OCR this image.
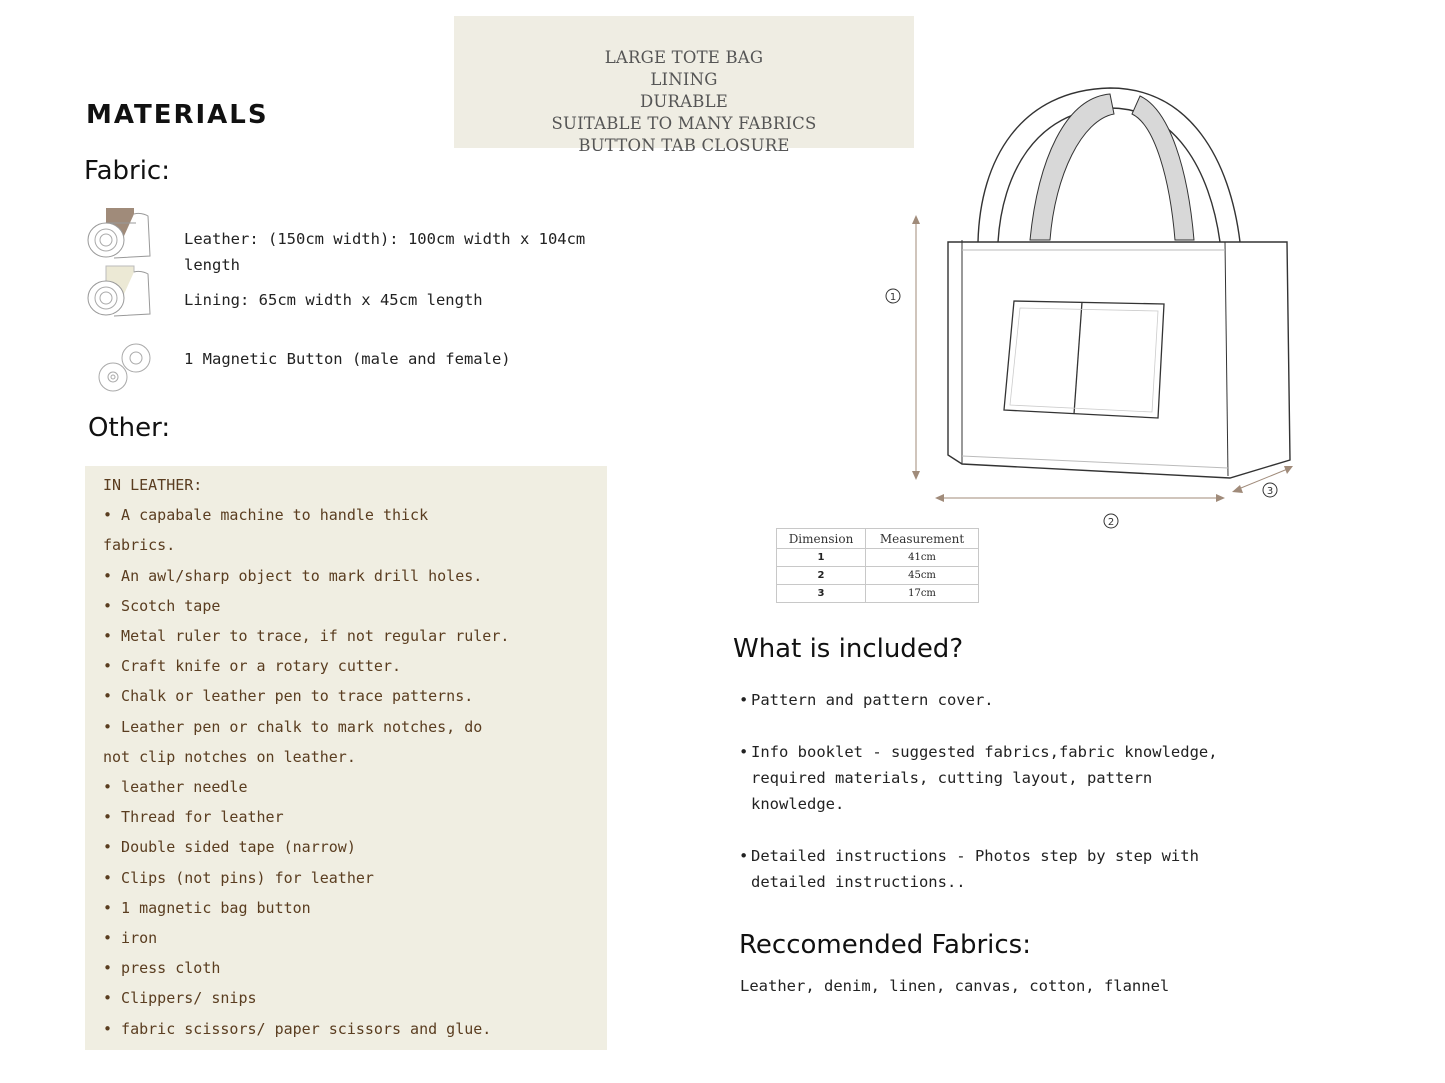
LARGE TOTE BAG
LINING
DURABLE
SUITABLE TO MANY FABRICS
BUTTON TAB CLOSURE
MATERIALS
Fabric:
Leather: (150cm width): 100cm width x 104cm
length
Lining: 65cm width x 45cm length
1 Magnetic Button (male and female)
Other:
IN LEATHER:
• A capabale machine to handle thick
fabrics.
• An awl/sharp object to mark drill holes.
• Scotch tape
• Metal ruler to trace, if not regular ruler.
• Craft knife or a rotary cutter.
• Chalk or leather pen to trace patterns.
• Leather pen or chalk to mark notches, do
not clip notches on leather.
• leather needle
• Thread for leather
• Double sided tape (narrow)
• Clips (not pins) for leather
• 1 magnetic bag button
• iron
• press cloth
• Clippers/ snips
• fabric scissors/ paper scissors and glue.
1
2
3
Dimension	Measurement
1	41cm
2	45cm
3	17cm
What is included?
• Pattern and pattern cover.
• Info booklet - suggested fabrics,fabric knowledge,
required materials, cutting layout, pattern
knowledge.
• Detailed instructions - Photos step by step with
detailed instructions..
Reccomended Fabrics:
Leather, denim, linen, canvas, cotton, flannel
